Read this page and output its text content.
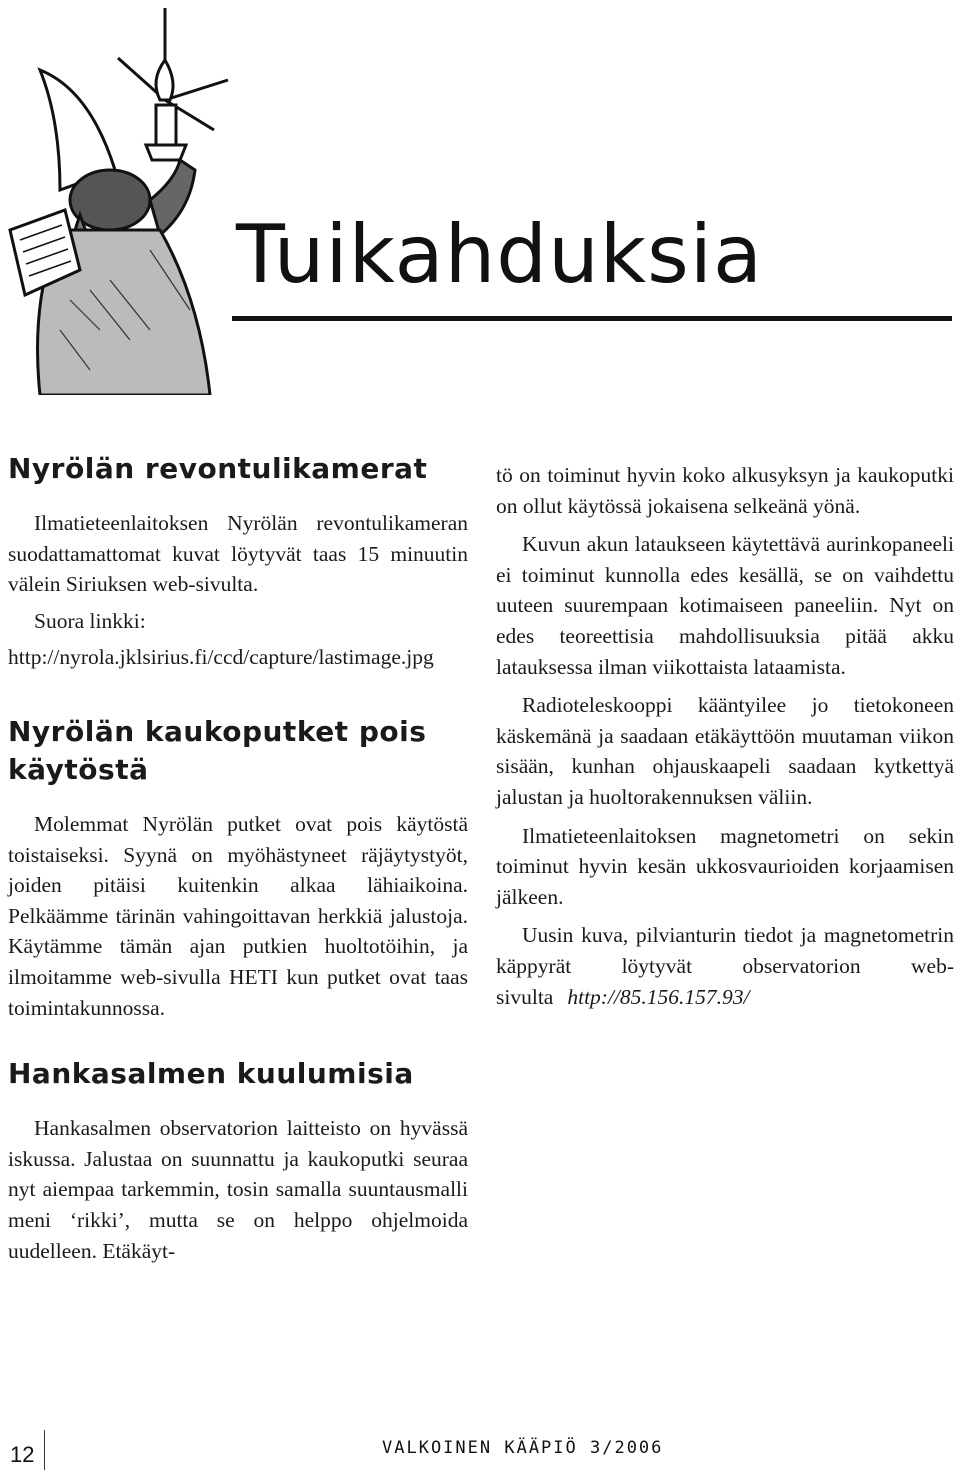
Tuikahduksia
Nyrölän revontulikamerat

Ilmatieteenlaitoksen Nyrölän revontulikameran suodattamattomat kuvat löytyvät taas 15 minuutin välein Siriuksen web-sivulta.

Suora linkki:

http://nyrola.jklsirius.fi/ccd/capture/lastimage.jpg

Nyrölän kaukoputket pois käytöstä

Molemmat Nyrölän putket ovat pois käytöstä toistaiseksi. Syynä on myöhästyneet räjäytystyöt, joiden pitäisi kuitenkin alkaa lähiaikoina. Pelkäämme tärinän vahingoittavan herkkiä jalustoja. Käytämme tämän ajan putkien huoltotöihin, ja ilmoitamme web-sivulla HETI kun putket ovat taas toimintakunnossa.

Hankasalmen kuulumisia

Hankasalmen observatorion laitteisto on hyvässä iskussa. Jalustaa on suunnattu ja kaukoputki seuraa nyt aiempaa tarkemmin, tosin samalla suuntausmalli meni ‘rikki’, mutta se on helppo ohjelmoida uudelleen. Etäkäyt-

tö on toiminut hyvin koko alkusyksyn ja kaukoputki on ollut käytössä jokaisena selkeänä yönä.

Kuvun akun lataukseen käytettävä aurinkopaneeli ei toiminut kunnolla edes kesällä, se on vaihdettu uuteen suurempaan kotimaiseen paneeliin. Nyt on edes teoreettisia mahdollisuuksia pitää akku latauksessa ilman viikottaista lataamista.

Radioteleskooppi kääntyilee jo tietokoneen käskemänä ja saadaan etäkäyttöön muutaman viikon sisään, kunhan ohjauskaapeli saadaan kytkettyä jalustan ja huoltorakennuksen väliin.

Ilmatieteenlaitoksen magnetometri on sekin toiminut hyvin kesän ukkosvaurioiden korjaamisen jälkeen.

Uusin kuva, pilvianturin tiedot ja magnetometrin käppyrät löytyvät observatorion web-sivulta http://85.156.157.93/

12	VALKOINEN KÄÄPIÖ 3/2006
